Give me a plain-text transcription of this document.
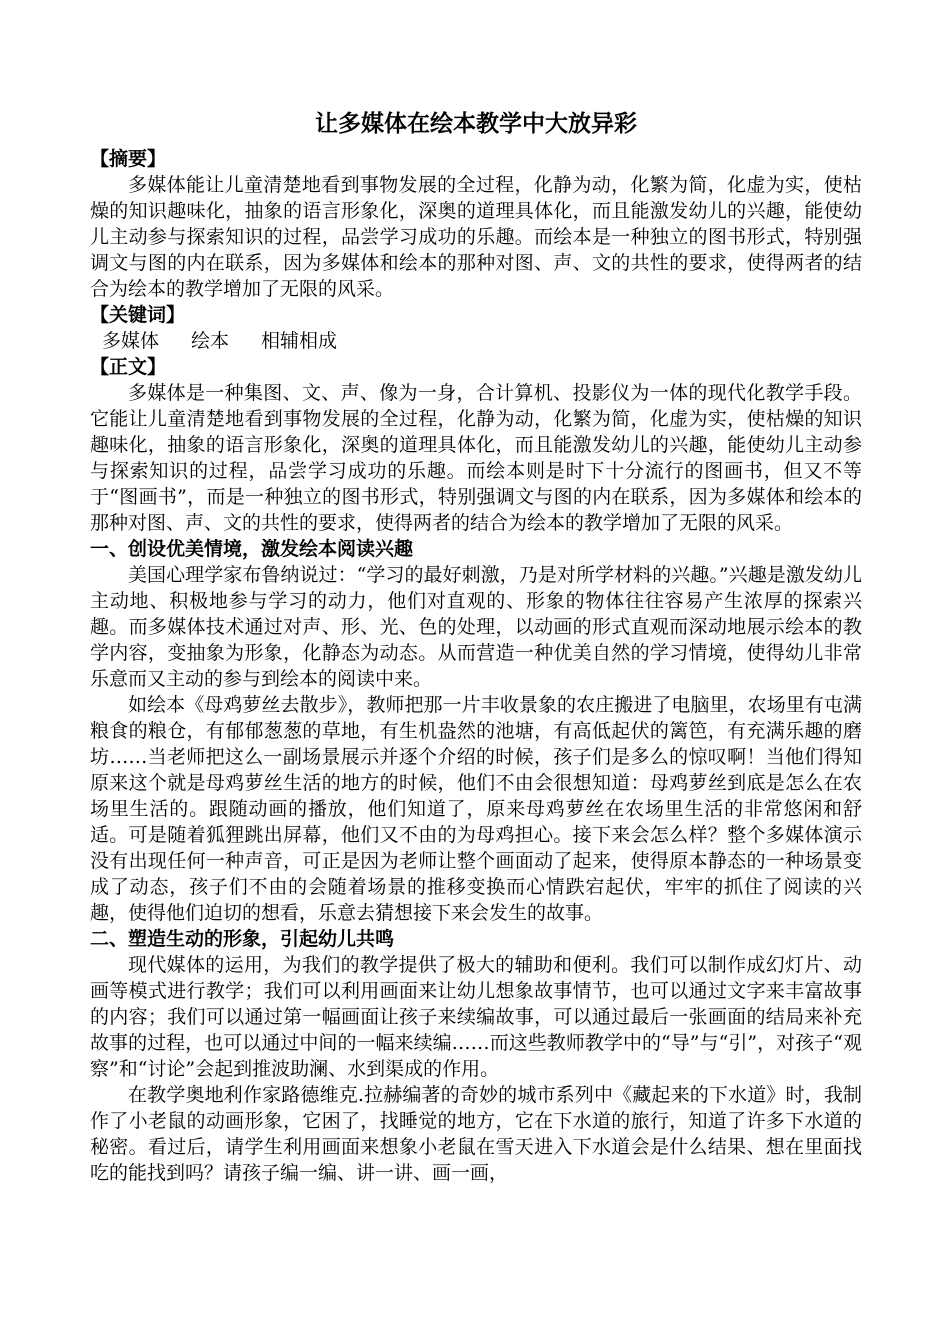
让多媒体在绘本教学中大放异彩

【摘要】

多媒体能让儿童清楚地看到事物发展的全过程，化静为动，化繁为简，化虚为实，使枯燥的知识趣味化，抽象的语言形象化，深奥的道理具体化，而且能激发幼儿的兴趣，能使幼儿主动参与探索知识的过程，品尝学习成功的乐趣。而绘本是一种独立的图书形式，特别强调文与图的内在联系，因为多媒体和绘本的那种对图、声、文的共性的要求，使得两者的结合为绘本的教学增加了无限的风采。

【关键词】

多媒体 绘本 相辅相成

【正文】

多媒体是一种集图、文、声、像为一身，合计算机、投影仪为一体的现代化教学手段。它能让儿童清楚地看到事物发展的全过程，化静为动，化繁为简，化虚为实，使枯燥的知识趣味化，抽象的语言形象化，深奥的道理具体化，而且能激发幼儿的兴趣，能使幼儿主动参与探索知识的过程，品尝学习成功的乐趣。而绘本则是时下十分流行的图画书，但又不等于“图画书”，而是一种独立的图书形式，特别强调文与图的内在联系，因为多媒体和绘本的那种对图、声、文的共性的要求，使得两者的结合为绘本的教学增加了无限的风采。

一、创设优美情境，激发绘本阅读兴趣

美国心理学家布鲁纳说过：“学习的最好刺激，乃是对所学材料的兴趣。”兴趣是激发幼儿主动地、积极地参与学习的动力，他们对直观的、形象的物体往往容易产生浓厚的探索兴趣。而多媒体技术通过对声、形、光、色的处理，以动画的形式直观而深动地展示绘本的教学内容，变抽象为形象，化静态为动态。从而营造一种优美自然的学习情境，使得幼儿非常乐意而又主动的参与到绘本的阅读中来。

如绘本《母鸡萝丝去散步》，教师把那一片丰收景象的农庄搬进了电脑里，农场里有屯满粮食的粮仓，有郁郁葱葱的草地，有生机盎然的池塘，有高低起伏的篱笆，有充满乐趣的磨坊……当老师把这么一副场景展示并逐个介绍的时候，孩子们是多么的惊叹啊！当他们得知原来这个就是母鸡萝丝生活的地方的时候，他们不由会很想知道：母鸡萝丝到底是怎么在农场里生活的。跟随动画的播放，他们知道了，原来母鸡萝丝在农场里生活的非常悠闲和舒适。可是随着狐狸跳出屏幕，他们又不由的为母鸡担心。接下来会怎么样？整个多媒体演示没有出现任何一种声音，可正是因为老师让整个画面动了起来，使得原本静态的一种场景变成了动态，孩子们不由的会随着场景的推移变换而心情跌宕起伏，牢牢的抓住了阅读的兴趣，使得他们迫切的想看，乐意去猜想接下来会发生的故事。

二、塑造生动的形象，引起幼儿共鸣

现代媒体的运用，为我们的教学提供了极大的辅助和便利。我们可以制作成幻灯片、动画等模式进行教学；我们可以利用画面来让幼儿想象故事情节，也可以通过文字来丰富故事的内容；我们可以通过第一幅画面让孩子来续编故事，可以通过最后一张画面的结局来补充故事的过程，也可以通过中间的一幅来续编……而这些教师教学中的“导”与“引”，对孩子“观察”和“讨论”会起到推波助澜、水到渠成的作用。

在教学奥地利作家路德维克.拉赫编著的奇妙的城市系列中《藏起来的下水道》时，我制作了小老鼠的动画形象，它困了，找睡觉的地方，它在下水道的旅行，知道了许多下水道的秘密。看过后，请学生利用画面来想象小老鼠在雪天进入下水道会是什么结果、想在里面找吃的能找到吗？请孩子编一编、讲一讲、画一画，
